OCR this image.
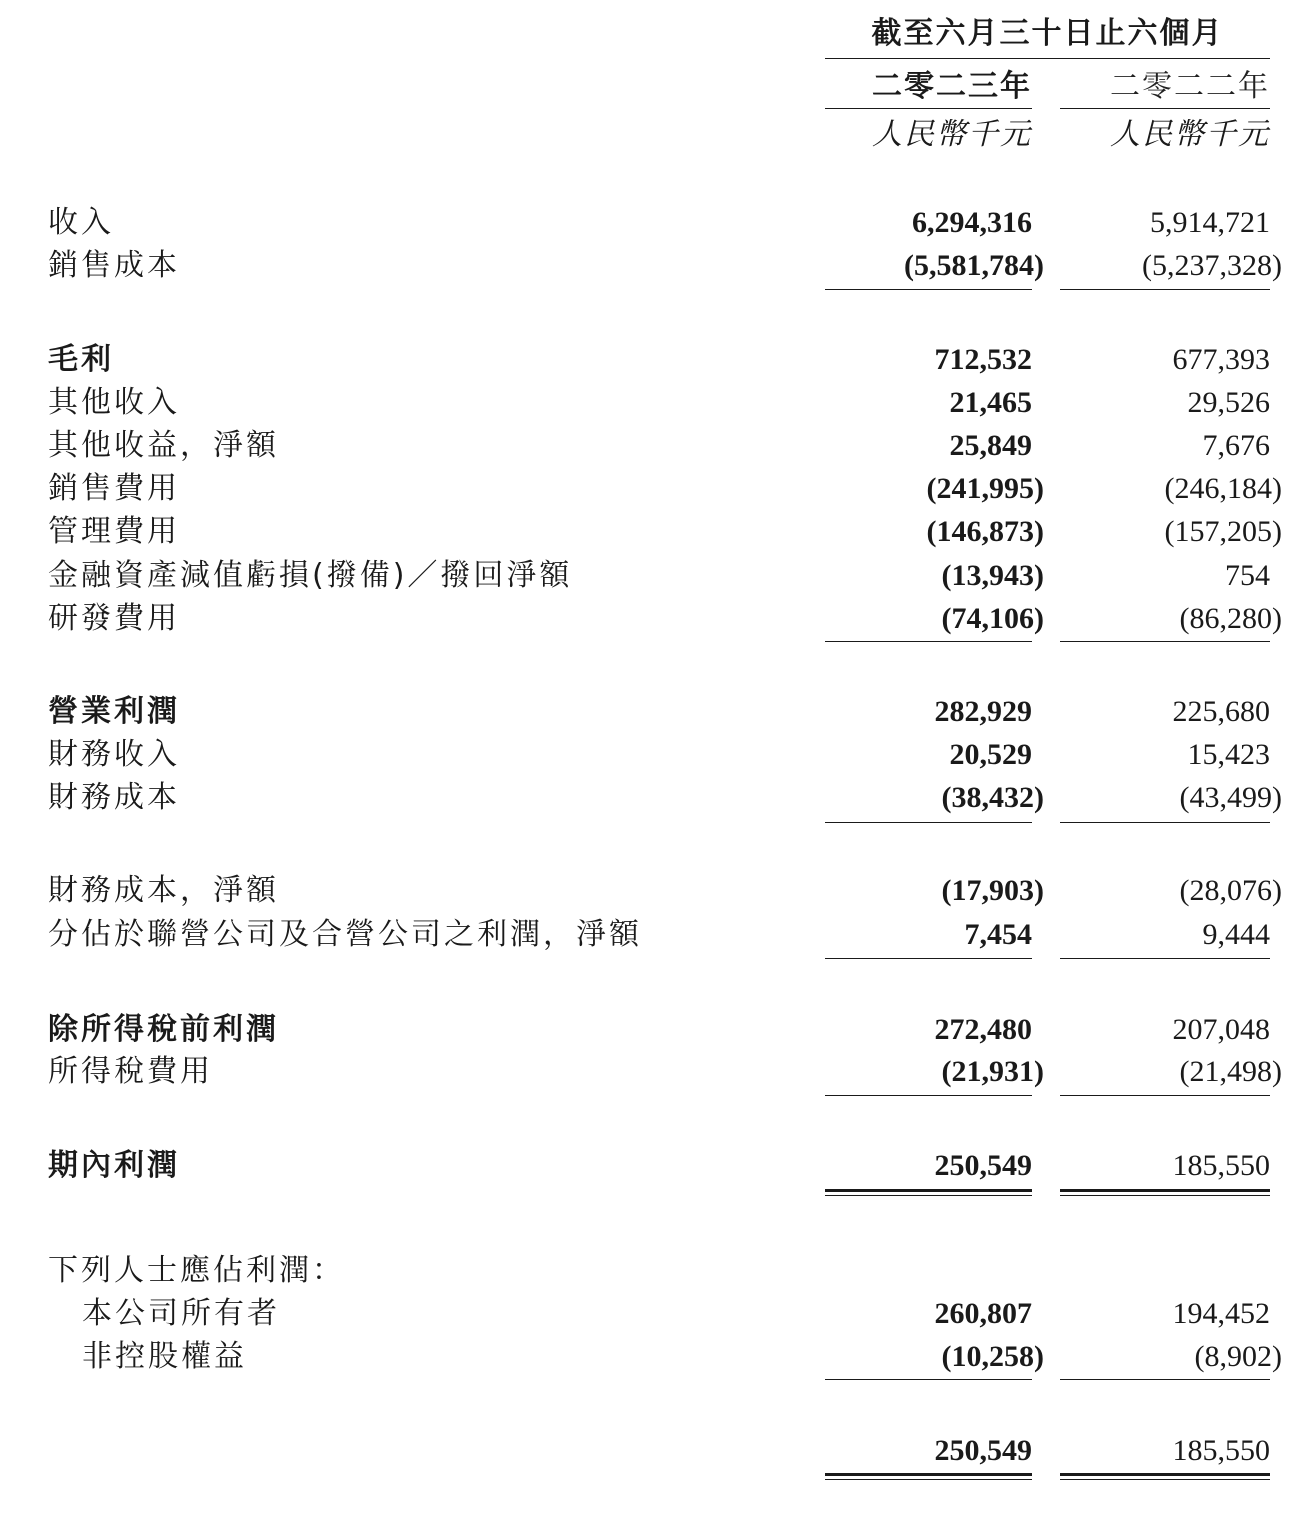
截至六月三十日止六個月
二零二三年	二零二二年
人民幣千元	人民幣千元
收入	6,294,316	5,914,721
銷售成本	(5,581,784)	(5,237,328)
毛利	712,532	677,393
其他收入	21,465	29,526
其他收益，淨額	25,849	7,676
銷售費用	(241,995)	(246,184)
管理費用	(146,873)	(157,205)
金融資產減值虧損(撥備)／撥回淨額	(13,943)	754
研發費用	(74,106)	(86,280)
營業利潤	282,929	225,680
財務收入	20,529	15,423
財務成本	(38,432)	(43,499)
財務成本，淨額	(17,903)	(28,076)
分佔於聯營公司及合營公司之利潤，淨額	7,454	9,444
除所得稅前利潤	272,480	207,048
所得稅費用	(21,931)	(21,498)
期內利潤	250,549	185,550
下列人士應佔利潤：
本公司所有者	260,807	194,452
非控股權益	(10,258)	(8,902)
250,549	185,550
